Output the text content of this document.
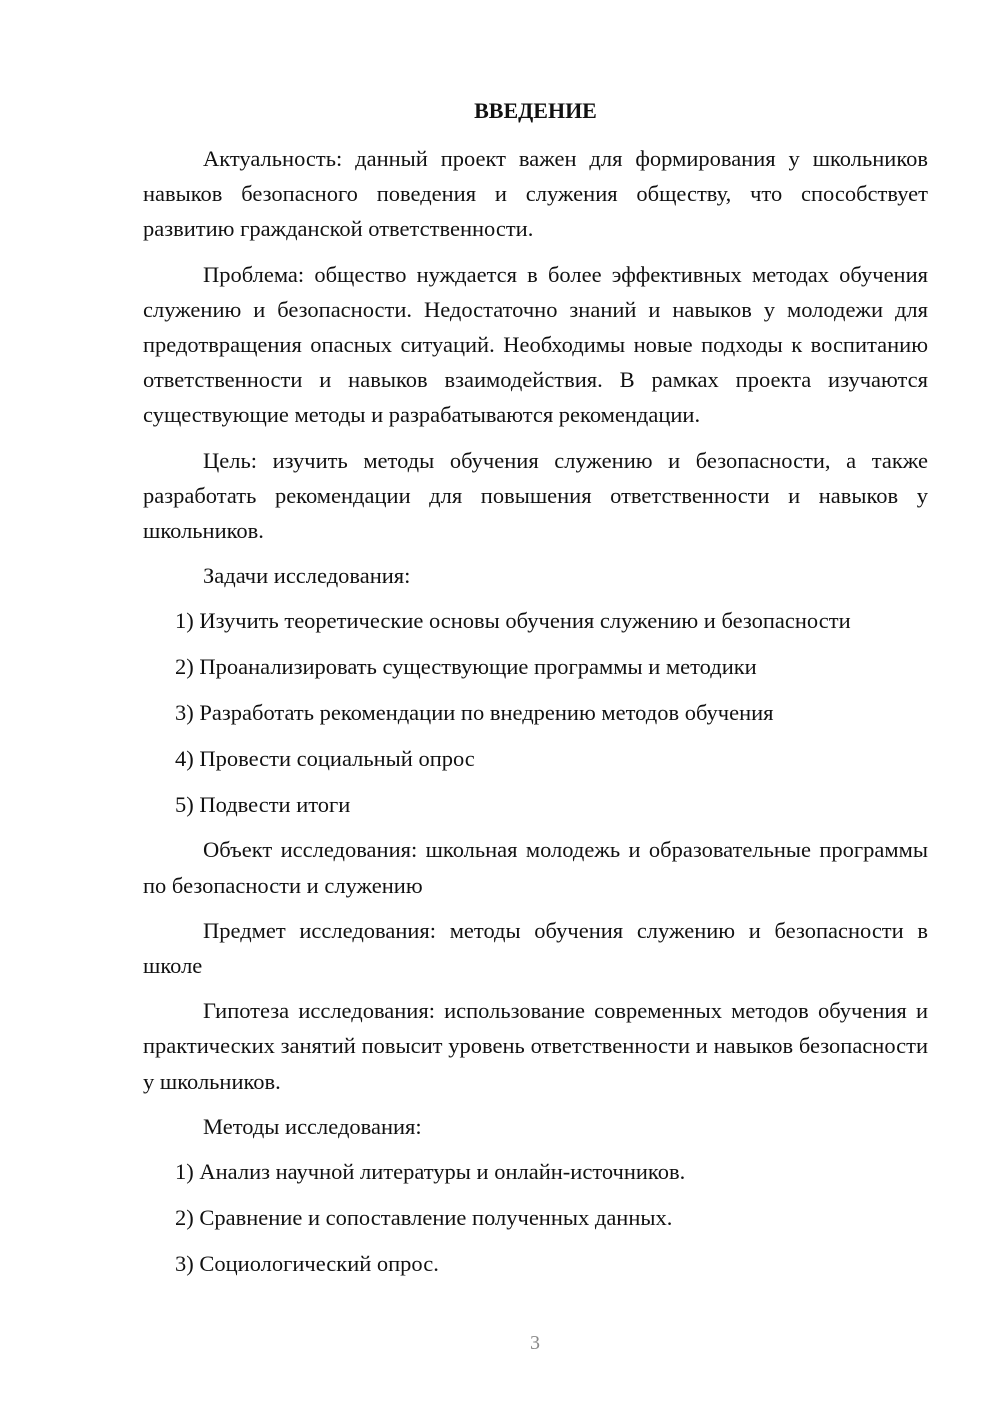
ВВЕДЕНИЕ

Актуальность: данный проект важен для формирования у школьников навыков безопасного поведения и служения обществу, что способствует развитию гражданской ответственности.

Проблема: общество нуждается в более эффективных методах обучения служению и безопасности. Недостаточно знаний и навыков у молодежи для предотвращения опасных ситуаций. Необходимы новые подходы к воспитанию ответственности и навыков взаимодействия. В рамках проекта изучаются существующие методы и разрабатываются рекомендации.

Цель: изучить методы обучения служению и безопасности, а также разработать рекомендации для повышения ответственности и навыков у школьников.

Задачи исследования:

1) Изучить теоретические основы обучения служению и безопасности
2) Проанализировать существующие программы и методики
3) Разработать рекомендации по внедрению методов обучения
4) Провести социальный опрос
5) Подвести итоги

Объект исследования: школьная молодежь и образовательные программы по безопасности и служению

Предмет исследования: методы обучения служению и безопасности в школе

Гипотеза исследования: использование современных методов обучения и практических занятий повысит уровень ответственности и навыков безопасности у школьников.

Методы исследования:

1) Анализ научной литературы и онлайн-источников.
2) Сравнение и сопоставление полученных данных.
3) Социологический опрос.
3
